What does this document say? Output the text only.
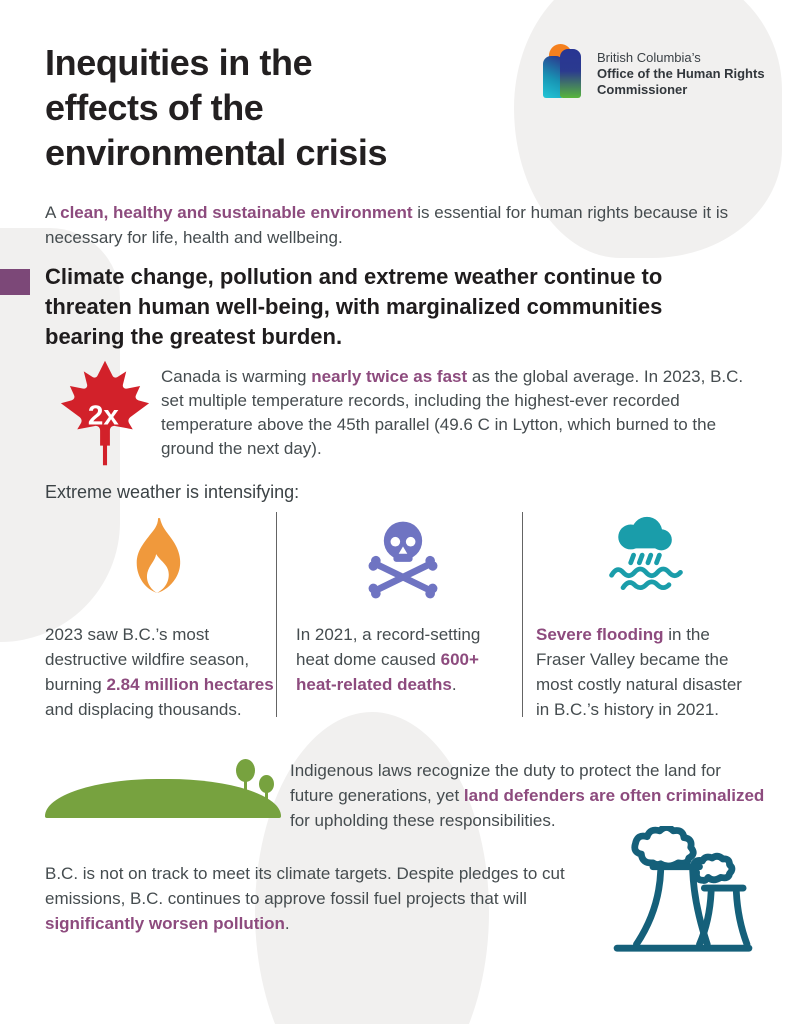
Inequities in the
effects of the
environmental crisis
British Columbia’s
Office of the Human Rights
Commissioner

A clean, healthy and sustainable environment is essential for human rights because it is necessary for life, health and wellbeing.

Climate change, pollution and extreme weather continue to threaten human well-being, with marginalized communities bearing the greatest burden.
2x

Canada is warming nearly twice as fast as the global average. In 2023, B.C. set multiple temperature records, including the highest-ever recorded temperature above the 45th parallel (49.6 C in Lytton, which burned to the ground the next day).

Extreme weather is intensifying:

2023 saw B.C.’s most destructive wildfire season, burning 2.84 million hectares and displacing thousands.

In 2021, a record-setting heat dome caused 600+ heat-related deaths.

Severe flooding in the Fraser Valley became the most costly natural disaster in B.C.’s history in 2021.

Indigenous laws recognize the duty to protect the land for future generations, yet land defenders are often criminalized for upholding these responsibilities.

B.C. is not on track to meet its climate targets. Despite pledges to cut emissions, B.C. continues to approve fossil fuel projects that will significantly worsen pollution.
